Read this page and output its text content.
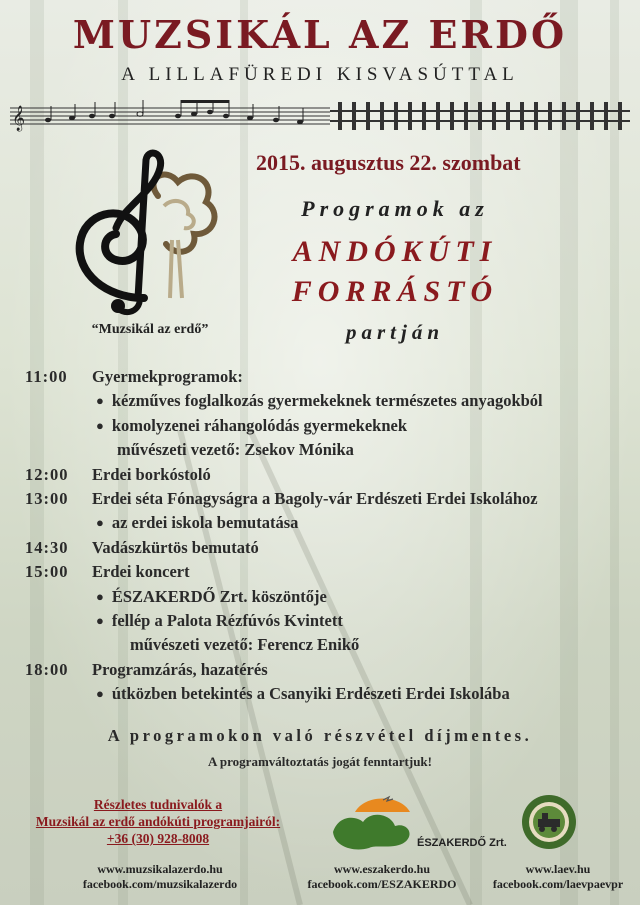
MUZSIKÁL AZ ERDŐ
A LILLAFÜREDI KISVASÚTTAL
𝄞
2015. augusztus 22. szombat
Programok az
ANDÓKÚTI
FORRÁSTÓ
partján
“Muzsikál az erdő”
11:00 Gyermekprogramok:
● kézműves foglalkozás gyermekeknek természetes anyagokból
● komolyzenei ráhangolódás gyermekeknek
művészeti vezető: Zsekov Mónika
12:00 Erdei borkóstoló
13:00 Erdei séta Fónagyságra a Bagoly-vár Erdészeti Erdei Iskolához
● az erdei iskola bemutatása
14:30 Vadászkürtös bemutató
15:00 Erdei koncert
● ÉSZAKERDŐ Zrt. köszöntője
● fellép a Palota Rézfúvós Kvintett
művészeti vezető: Ferencz Enikő
18:00 Programzárás, hazatérés
● útközben betekintés a Csanyiki Erdészeti Erdei Iskolába
A programokon való részvétel díjmentes.
A programváltoztatás jogát fenntartjuk!
Részletes tudnivalók a
Muzsikál az erdő andókúti programjairól:
+36 (30) 928-8008	ÉSZAKERDŐ Zrt.
www.muzsikalazerdo.hu
facebook.com/muzsikalazerdo
www.eszakerdo.hu
facebook.com/ESZAKERDO
www.laev.hu
facebook.com/laevpaevpr
